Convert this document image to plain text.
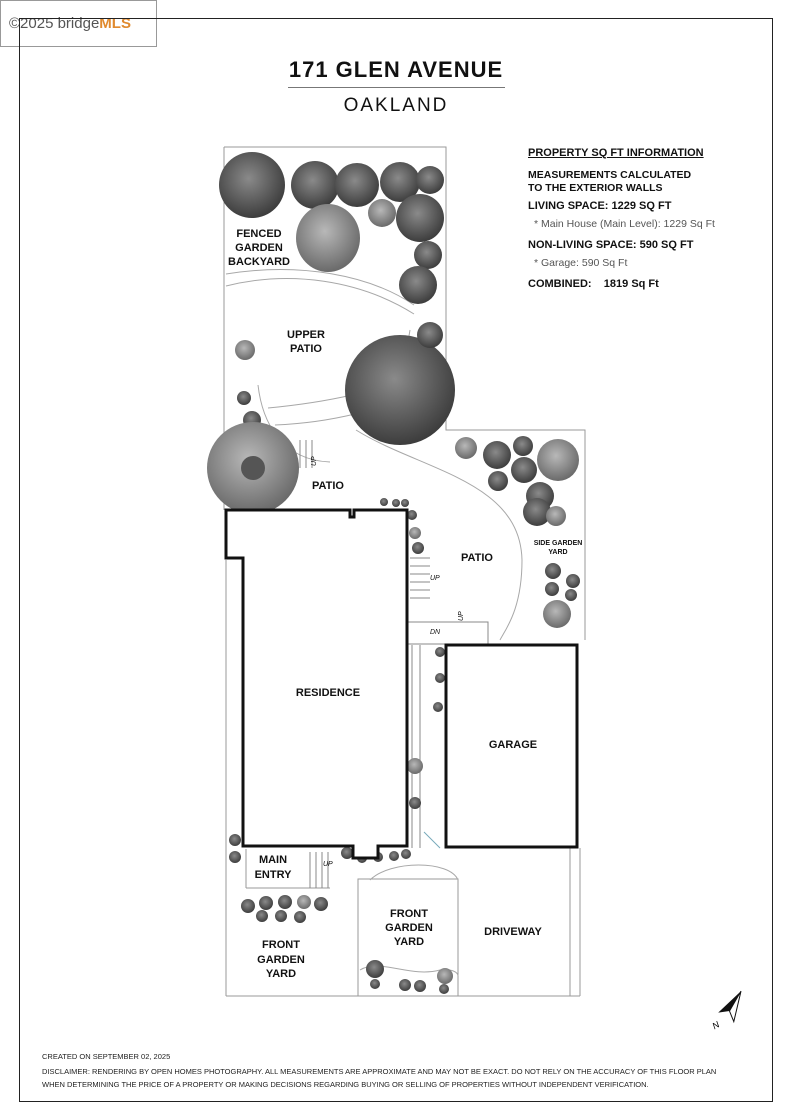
©2025 bridge MLS
171 GLEN AVENUE
OAKLAND
PROPERTY SQ FT INFORMATION
MEASUREMENTS CALCULATED
TO THE EXTERIOR WALLS
LIVING SPACE: 1229 SQ FT
* Main House (Main Level): 1229 Sq Ft
NON-LIVING SPACE: 590 SQ FT
* Garage: 590 Sq Ft
COMBINED: 1819 Sq Ft
FENCED
GARDEN
BACKYARD
UPPER
PATIO
PATIO
PATIO
SIDE GARDEN
YARD
RESIDENCE
GARAGE
MAIN
ENTRY
FRONT
GARDEN
YARD
FRONT
GARDEN
YARD
DRIVEWAY
UP
UP
UP
DN
UP
N
CREATED ON SEPTEMBER 02, 2025
DISCLAIMER: RENDERING BY OPEN HOMES PHOTOGRAPHY. ALL MEASUREMENTS ARE APPROXIMATE AND MAY NOT BE EXACT. DO NOT RELY ON THE ACCURACY OF THIS FLOOR PLAN
WHEN DETERMINING THE PRICE OF A PROPERTY OR MAKING DECISIONS REGARDING BUYING OR SELLING OF PROPERTIES WITHOUT INDEPENDENT VERIFICATION.
